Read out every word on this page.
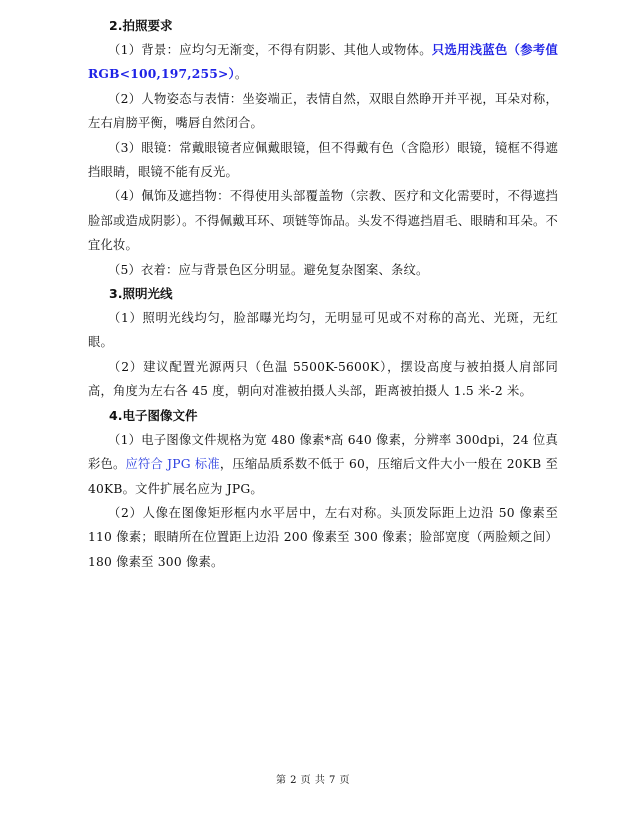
2.拍照要求

（1）背景：应均匀无渐变，不得有阴影、其他人或物体。只选用浅蓝色（参考值 RGB<100,197,255>）。

（2）人物姿态与表情：坐姿端正，表情自然，双眼自然睁开并平视，耳朵对称，左右肩膀平衡，嘴唇自然闭合。

（3）眼镜：常戴眼镜者应佩戴眼镜，但不得戴有色（含隐形）眼镜，镜框不得遮挡眼睛，眼镜不能有反光。

（4）佩饰及遮挡物：不得使用头部覆盖物（宗教、医疗和文化需要时，不得遮挡脸部或造成阴影）。不得佩戴耳环、项链等饰品。头发不得遮挡眉毛、眼睛和耳朵。不宜化妆。

（5）衣着：应与背景色区分明显。避免复杂图案、条纹。

3.照明光线

（1）照明光线均匀，脸部曝光均匀，无明显可见或不对称的高光、光斑，无红眼。

（2）建议配置光源两只（色温 5500K-5600K），摆设高度与被拍摄人肩部同高，角度为左右各 45 度，朝向对准被拍摄人头部，距离被拍摄人 1.5 米-2 米。

4.电子图像文件

（1）电子图像文件规格为宽 480 像素*高 640 像素，分辨率 300dpi，24 位真彩色。应符合 JPG 标准，压缩品质系数不低于 60，压缩后文件大小一般在 20KB 至 40KB。文件扩展名应为 JPG。

（2）人像在图像矩形框内水平居中，左右对称。头顶发际距上边沿 50 像素至 110 像素；眼睛所在位置距上边沿 200 像素至 300 像素；脸部宽度（两脸颊之间）180 像素至 300 像素。

第 2 页 共 7 页
